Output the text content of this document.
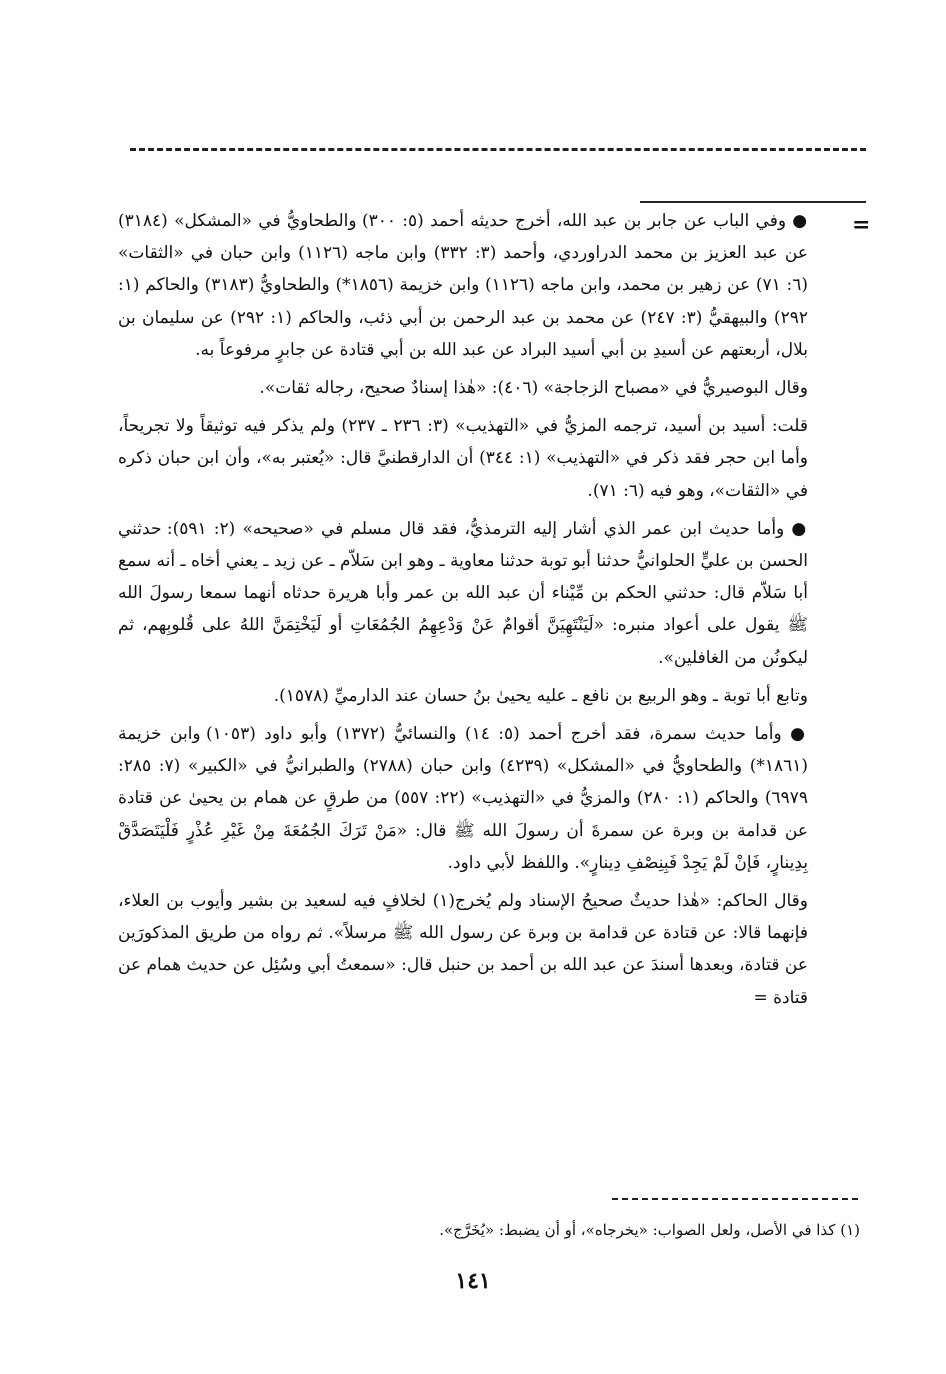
=

● وفي الباب عن جابر بن عبد الله، أخرج حديثه أحمد (٥: ٣٠٠) والطحاويُّ في «المشكل» (٣١٨٤) عن عبد العزيز بن محمد الدراوردي، وأحمد (٣: ٣٣٢) وابن ماجه (١١٢٦) وابن حبان في «الثقات» (٦: ٧١) عن زهير بن محمد، وابن ماجه (١١٢٦) وابن خزيمة (١٨٥٦*) والطحاويُّ (٣١٨٣) والحاكم (١: ٢٩٢) والبيهقيُّ (٣: ٢٤٧) عن محمد بن عبد الرحمن بن أبي ذئب، والحاكم (١: ٢٩٢) عن سليمان بن بلال، أربعتهم عن أسيدِ بن أبي أسيد البراد عن عبد الله بن أبي قتادة عن جابرٍ مرفوعاً به.

وقال البوصيريُّ في «مصباح الزجاجة» (٤٠٦): «هٰذا إسنادٌ صحيح، رجاله ثقات».

قلت: أسيد بن أسيد، ترجمه المزيُّ في «التهذيب» (٣: ٢٣٦ ـ ٢٣٧) ولم يذكر فيه توثيقاً ولا تجريحاً، وأما ابن حجر فقد ذكر في «التهذيب» (١: ٣٤٤) أن الدارقطنيَّ قال: «يُعتبر به»، وأن ابن حبان ذكره في «الثقات»، وهو فيه (٦: ٧١).

● وأما حديث ابن عمر الذي أشار إليه الترمذيُّ، فقد قال مسلم في «صحيحه» (٢: ٥٩١): حدثني الحسن بن عليٍّ الحلوانيُّ حدثنا أبو توبة حدثنا معاوية ـ وهو ابن سَلاّم ـ عن زيد ـ يعني أخاه ـ أنه سمع أبا سَلاّم قال: حدثني الحكم بن مِّيْناء أن عبد الله بن عمر وأبا هريرة حدثاه أنهما سمعا رسولَ الله ﷺ يقول على أعواد منبره: «لَيَنْتَهِيَنَّ أقوامٌ عَنْ وَدْعِهِمُ الجُمُعَاتِ أو لَيَخْتِمَنَّ اللهُ على قُلوبِهم، ثم ليكونُن من الغافلين».

وتابع أبا توبة ـ وهو الربيع بن نافع ـ عليه يحيىٰ بنُ حسان عند الدارميِّ (١٥٧٨).

● وأما حديث سمرة، فقد أخرج أحمد (٥: ١٤) والنسائيُّ (١٣٧٢) وأبو داود (١٠٥٣) وابن خزيمة (١٨٦١*) والطحاويُّ في «المشكل» (٤٢٣٩) وابن حبان (٢٧٨٨) والطبرانيُّ في «الكبير» (٧: ٢٨٥: ٦٩٧٩) والحاكم (١: ٢٨٠) والمزيُّ في «التهذيب» (٢٢: ٥٥٧) من طرقٍ عن همام بن يحيىٰ عن قتادة عن قدامة بن وبرة عن سمرةَ أن رسولَ الله ﷺ قال: «مَنْ تَرَكَ الجُمُعَةَ مِنْ غَيْرِ عُذْرٍ فَلْيَتَصَدَّقْ بِدِينارٍ، فَإنْ لَمْ يَجِدْ فَبِنِصْفِ دِينارٍ». واللفظ لأبي داود.

وقال الحاكم: «هٰذا حديثٌ صحيحُ الإسناد ولم يُخرج(١) لخلافٍ فيه لسعيد بن بشير وأيوب بن العلاء، فإنهما قالا: عن قتادة عن قدامة بن وبرة عن رسول الله ﷺ مرسلاً». ثم رواه من طريق المذكورَين عن قتادة، وبعدها أسندَ عن عبد الله بن أحمد بن حنبل قال: «سمعتُ أبي وسُئِل عن حديث همام عن قتادة =

(١) كذا في الأصل، ولعل الصواب: «يخرجاه»، أو أن يضبط: «يُخَرَّج».
١٤١
